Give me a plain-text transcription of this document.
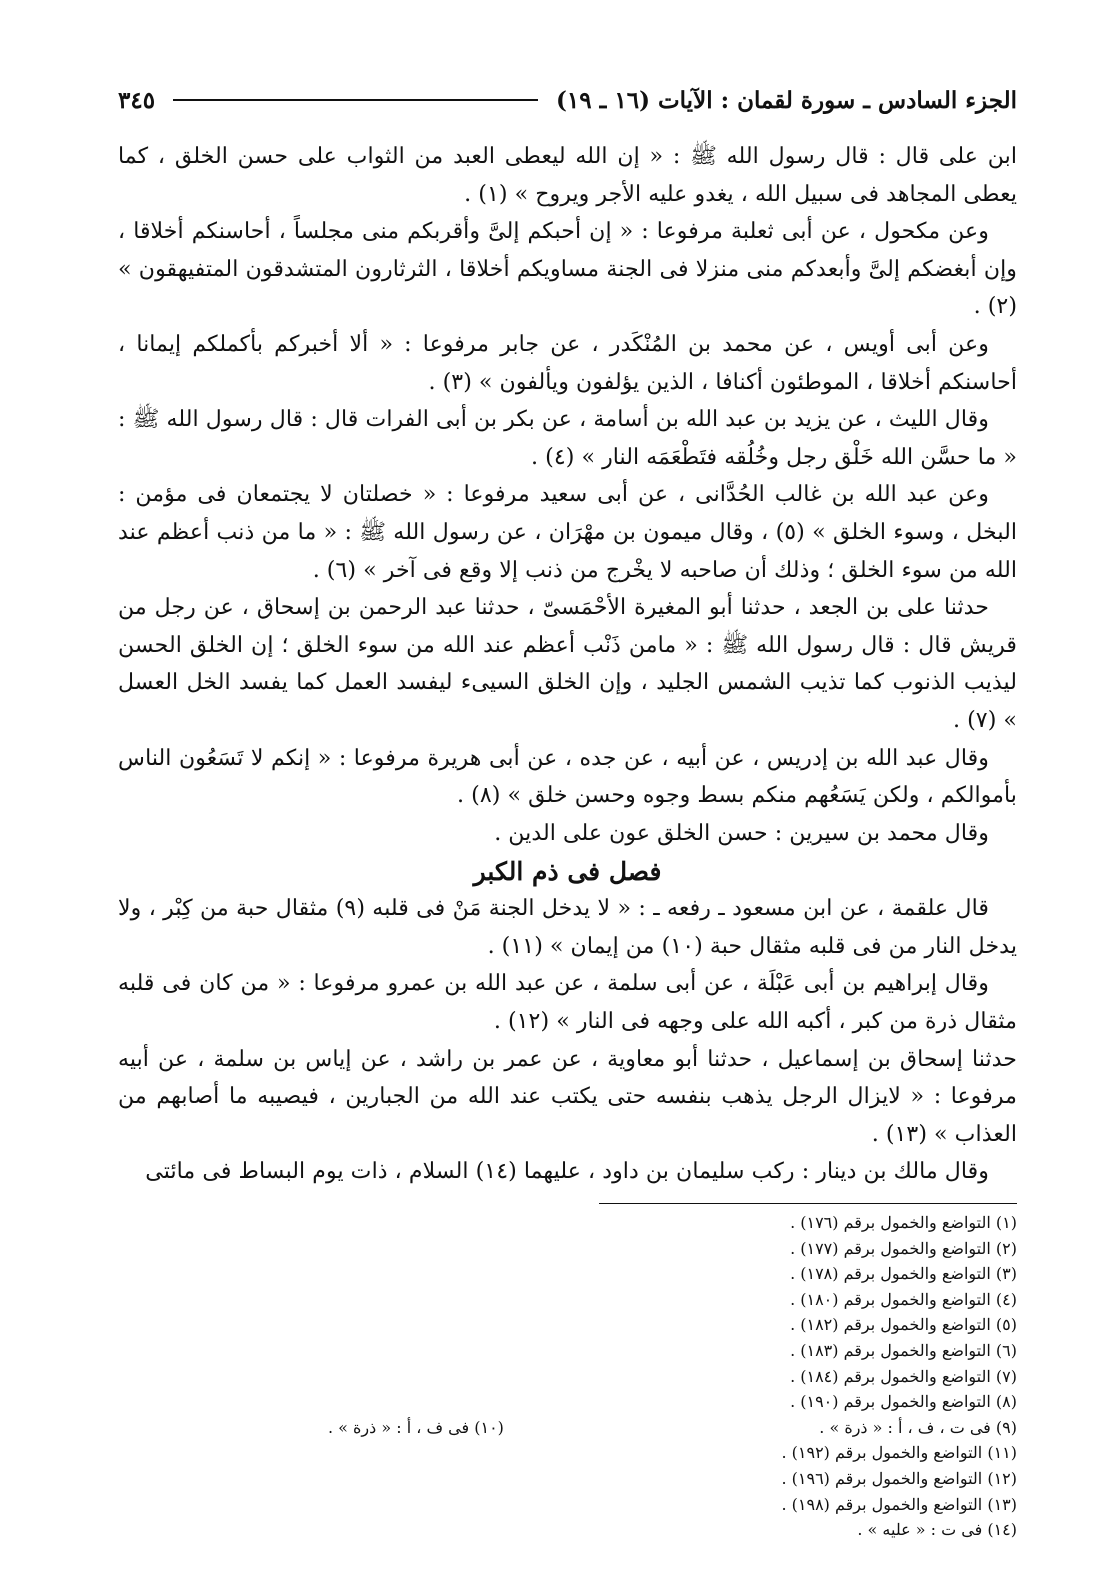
الجزء السادس ـ سورة لقمان : الآيات (١٦ ـ ١٩)
٣٤٥

ابن على قال : قال رسول الله ﷺ : « إن الله ليعطى العبد من الثواب على حسن الخلق ، كما يعطى المجاهد فى سبيل الله ، يغدو عليه الأجر ويروح » (١) .

وعن مكحول ، عن أبى ثعلبة مرفوعا : « إن أحبكم إلىَّ وأقربكم منى مجلساً ، أحاسنكم أخلاقا ، وإن أبغضكم إلىَّ وأبعدكم منى منزلا فى الجنة مساويكم أخلاقا ، الثرثارون المتشدقون المتفيهقون » (٢) .

وعن أبى أويس ، عن محمد بن المُنْكَدر ، عن جابر مرفوعا : « ألا أخبركم بأكملكم إيمانا ، أحاسنكم أخلاقا ، الموطئون أكنافا ، الذين يؤلفون ويألفون » (٣) .

وقال الليث ، عن يزيد بن عبد الله بن أسامة ، عن بكر بن أبى الفرات قال : قال رسول الله ﷺ : « ما حسَّن الله خَلْق رجل وخُلُقه فتَطْعَمَه النار » (٤) .

وعن عبد الله بن غالب الحُدَّانى ، عن أبى سعيد مرفوعا : « خصلتان لا يجتمعان فى مؤمن : البخل ، وسوء الخلق » (٥) ، وقال ميمون بن مهْرَان ، عن رسول الله ﷺ : « ما من ذنب أعظم عند الله من سوء الخلق ؛ وذلك أن صاحبه لا يخْرج من ذنب إلا وقع فى آخر » (٦) .

حدثنا على بن الجعد ، حدثنا أبو المغيرة الأحْمَسىّ ، حدثنا عبد الرحمن بن إسحاق ، عن رجل من قريش قال : قال رسول الله ﷺ : « مامن ذَنْب أعظم عند الله من سوء الخلق ؛ إن الخلق الحسن ليذيب الذنوب كما تذيب الشمس الجليد ، وإن الخلق السيىء ليفسد العمل كما يفسد الخل العسل » (٧) .

وقال عبد الله بن إدريس ، عن أبيه ، عن جده ، عن أبى هريرة مرفوعا : « إنكم لا تَسَعُون الناس بأموالكم ، ولكن يَسَعُهم منكم بسط وجوه وحسن خلق » (٨) .

وقال محمد بن سيرين : حسن الخلق عون على الدين .

فصل فى ذم الكبر

قال علقمة ، عن ابن مسعود ـ رفعه ـ : « لا يدخل الجنة مَنْ فى قلبه (٩) مثقال حبة من كِبْر ، ولا يدخل النار من فى قلبه مثقال حبة (١٠) من إيمان » (١١) .

وقال إبراهيم بن أبى عَبْلَة ، عن أبى سلمة ، عن عبد الله بن عمرو مرفوعا : « من كان فى قلبه مثقال ذرة من كبر ، أكبه الله على وجهه فى النار » (١٢) .

حدثنا إسحاق بن إسماعيل ، حدثنا أبو معاوية ، عن عمر بن راشد ، عن إياس بن سلمة ، عن أبيه مرفوعا : « لايزال الرجل يذهب بنفسه حتى يكتب عند الله من الجبارين ، فيصيبه ما أصابهم من العذاب » (١٣) .

وقال مالك بن دينار : ركب سليمان بن داود ، عليهما (١٤) السلام ، ذات يوم البساط فى مائتى

(١) التواضع والخمول برقم (١٧٦) .
(٢) التواضع والخمول برقم (١٧٧) .
(٣) التواضع والخمول برقم (١٧٨) .
(٤) التواضع والخمول برقم (١٨٠) .
(٥) التواضع والخمول برقم (١٨٢) .
(٦) التواضع والخمول برقم (١٨٣) .
(٧) التواضع والخمول برقم (١٨٤) .
(٨) التواضع والخمول برقم (١٩٠) .
(٩) فى ت ، ف ، أ : « ذرة » .
(١١) التواضع والخمول برقم (١٩٢) .
(١٢) التواضع والخمول برقم (١٩٦) .
(١٣) التواضع والخمول برقم (١٩٨) .
(١٤) فى ت : « عليه » .
(١٠) فى ف ، أ : « ذرة » .
